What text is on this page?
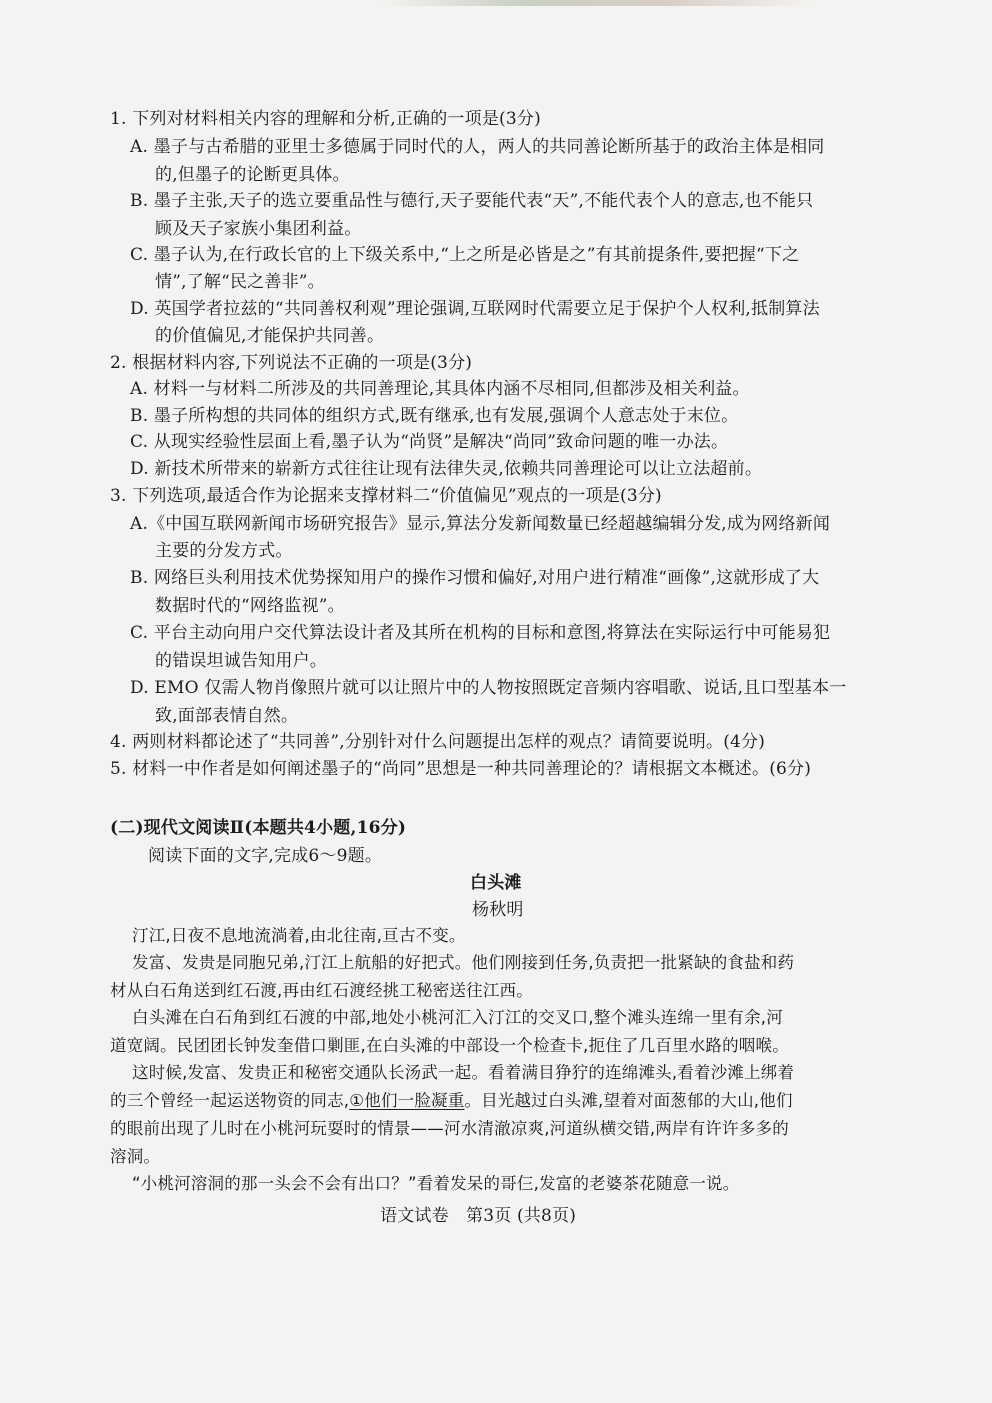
1. 下列对材料相关内容的理解和分析,正确的一项是(3分)
A. 墨子与古希腊的亚里士多德属于同时代的人，两人的共同善论断所基于的政治主体是相同
的,但墨子的论断更具体。
B. 墨子主张,天子的选立要重品性与德行,天子要能代表“天”,不能代表个人的意志,也不能只
顾及天子家族小集团利益。
C. 墨子认为,在行政长官的上下级关系中,“上之所是必皆是之”有其前提条件,要把握“下之
情”,了解“民之善非”。
D. 英国学者拉兹的“共同善权利观”理论强调,互联网时代需要立足于保护个人权利,抵制算法
的价值偏见,才能保护共同善。
2. 根据材料内容,下列说法不正确的一项是(3分)
A. 材料一与材料二所涉及的共同善理论,其具体内涵不尽相同,但都涉及相关利益。
B. 墨子所构想的共同体的组织方式,既有继承,也有发展,强调个人意志处于末位。
C. 从现实经验性层面上看,墨子认为“尚贤”是解决“尚同”致命问题的唯一办法。
D. 新技术所带来的崭新方式往往让现有法律失灵,依赖共同善理论可以让立法超前。
3. 下列选项,最适合作为论据来支撑材料二“价值偏见”观点的一项是(3分)
A.《中国互联网新闻市场研究报告》显示,算法分发新闻数量已经超越编辑分发,成为网络新闻
主要的分发方式。
B. 网络巨头利用技术优势探知用户的操作习惯和偏好,对用户进行精准“画像”,这就形成了大
数据时代的“网络监视”。
C. 平台主动向用户交代算法设计者及其所在机构的目标和意图,将算法在实际运行中可能易犯
的错误坦诚告知用户。
D. EMO 仅需人物肖像照片就可以让照片中的人物按照既定音频内容唱歌、说话,且口型基本一
致,面部表情自然。
4. 两则材料都论述了“共同善”,分别针对什么问题提出怎样的观点？请简要说明。(4分)
5. 材料一中作者是如何阐述墨子的“尚同”思想是一种共同善理论的？请根据文本概述。(6分)
(二)现代文阅读Ⅱ(本题共4小题,16分)
阅读下面的文字,完成6～9题。
白头滩
杨秋明
汀江,日夜不息地流淌着,由北往南,亘古不变。
发富、发贵是同胞兄弟,汀江上航船的好把式。他们刚接到任务,负责把一批紧缺的食盐和药
材从白石角送到红石渡,再由红石渡经挑工秘密送往江西。
白头滩在白石角到红石渡的中部,地处小桃河汇入汀江的交叉口,整个滩头连绵一里有余,河
道宽阔。民团团长钟发奎借口剿匪,在白头滩的中部设一个检查卡,扼住了几百里水路的咽喉。
这时候,发富、发贵正和秘密交通队长汤武一起。看着满目狰狞的连绵滩头,看着沙滩上绑着
的三个曾经一起运送物资的同志,①他们一脸凝重。目光越过白头滩,望着对面葱郁的大山,他们
的眼前出现了儿时在小桃河玩耍时的情景——河水清澈凉爽,河道纵横交错,两岸有许许多多的
溶洞。
“小桃河溶洞的那一头会不会有出口？”看着发呆的哥仨,发富的老婆茶花随意一说。
语文试卷　第3页 (共8页)
